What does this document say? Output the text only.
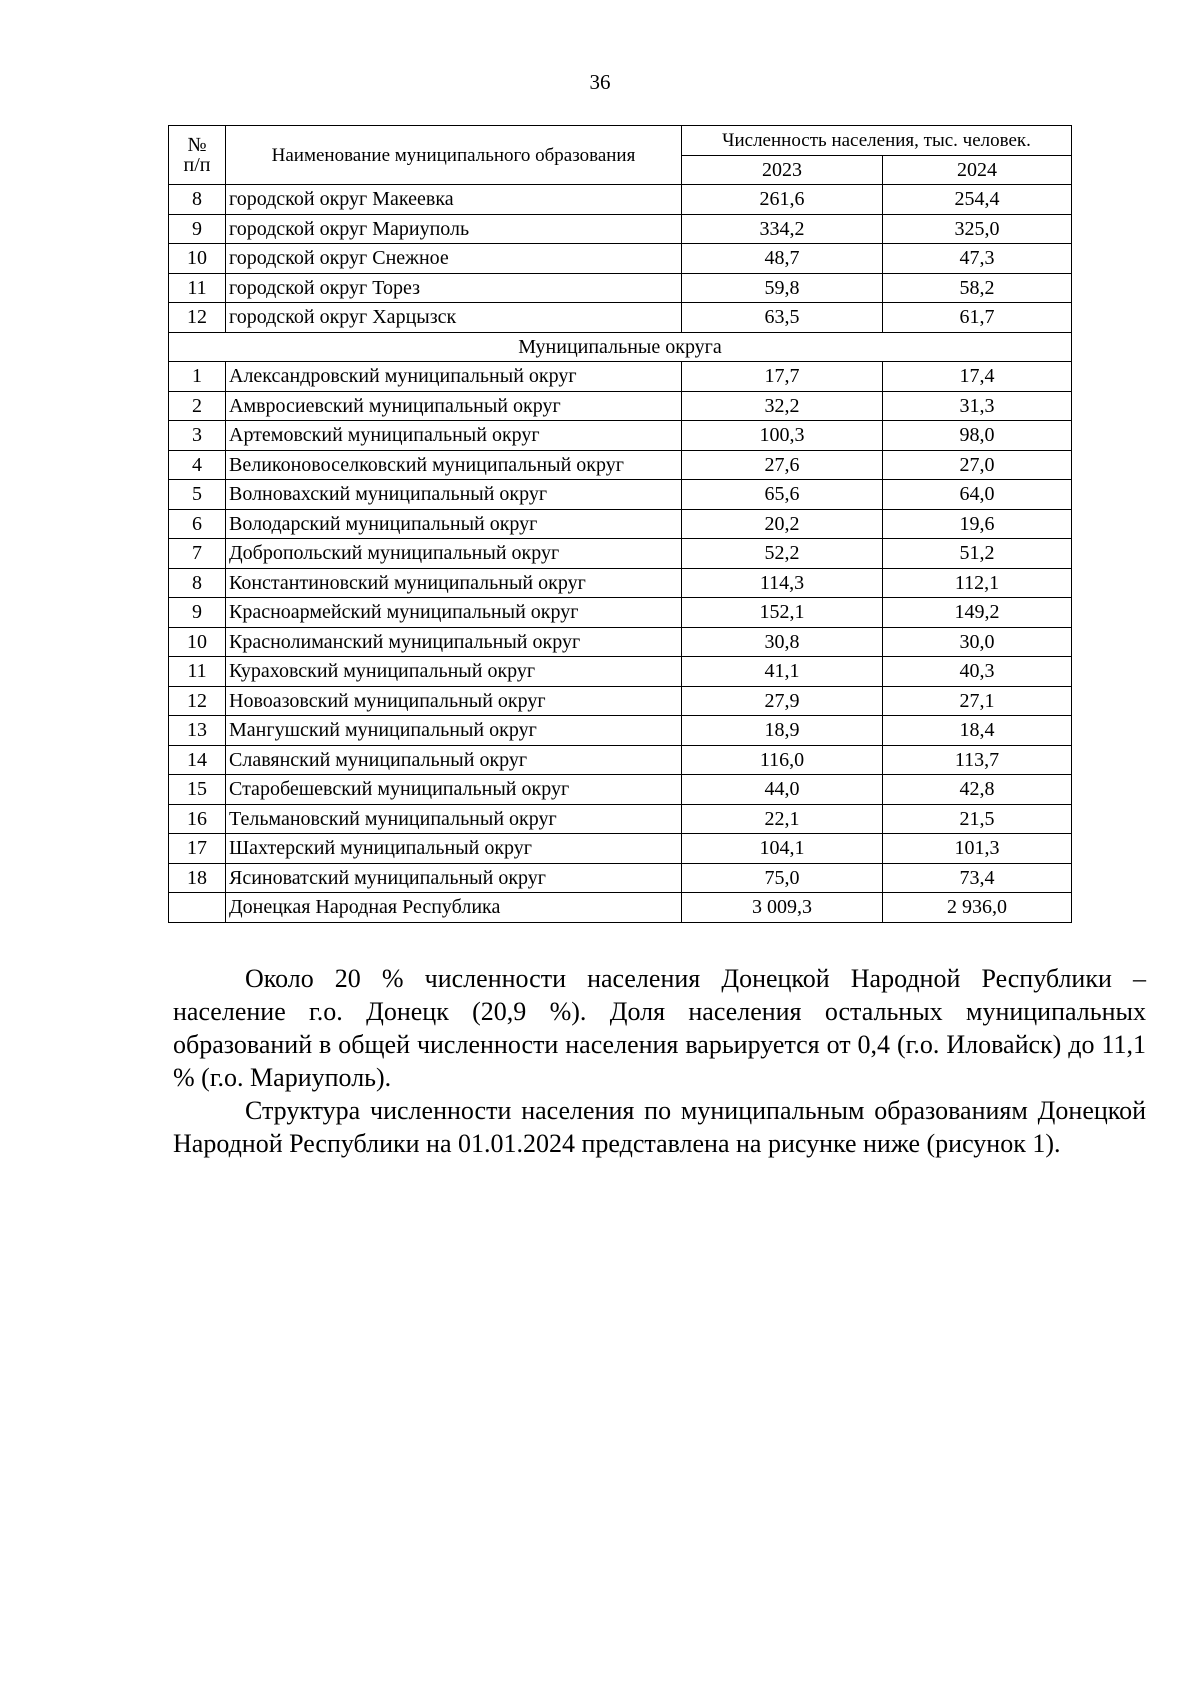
36
№
п/п	Наименование муниципального образования	Численность населения, тыс. человек.	
		2023	2024
8	городской округ Макеевка	261,6	254,4
9	городской округ Мариуполь	334,2	325,0
10	городской округ Снежное	48,7	47,3
11	городской округ Торез	59,8	58,2
12	городской округ Харцызск	63,5	61,7
Муниципальные округа			
1	Александровский муниципальный округ	17,7	17,4
2	Амвросиевский муниципальный округ	32,2	31,3
3	Артемовский муниципальный округ	100,3	98,0
4	Великоновоселковский муниципальный округ	27,6	27,0
5	Волновахский муниципальный округ	65,6	64,0
6	Володарский муниципальный округ	20,2	19,6
7	Добропольский муниципальный округ	52,2	51,2
8	Константиновский муниципальный округ	114,3	112,1
9	Красноармейский муниципальный округ	152,1	149,2
10	Краснолиманский муниципальный округ	30,8	30,0
11	Кураховский муниципальный округ	41,1	40,3
12	Новоазовский муниципальный округ	27,9	27,1
13	Мангушский муниципальный округ	18,9	18,4
14	Славянский муниципальный округ	116,0	113,7
15	Старобешевский муниципальный округ	44,0	42,8
16	Тельмановский муниципальный округ	22,1	21,5
17	Шахтерский муниципальный округ	104,1	101,3
18	Ясиноватский муниципальный округ	75,0	73,4
	Донецкая Народная Республика	3 009,3	2 936,0
Около 20 % численности населения Донецкой Народной Республики – население г.о. Донецк (20,9 %). Доля населения остальных муниципальных образований в общей численности населения варьируется от 0,4 (г.о. Иловайск) до 11,1 % (г.о. Мариуполь).
Структура численности населения по муниципальным образованиям Донецкой Народной Республики на 01.01.2024 представлена на рисунке ниже (рисунок 1).
